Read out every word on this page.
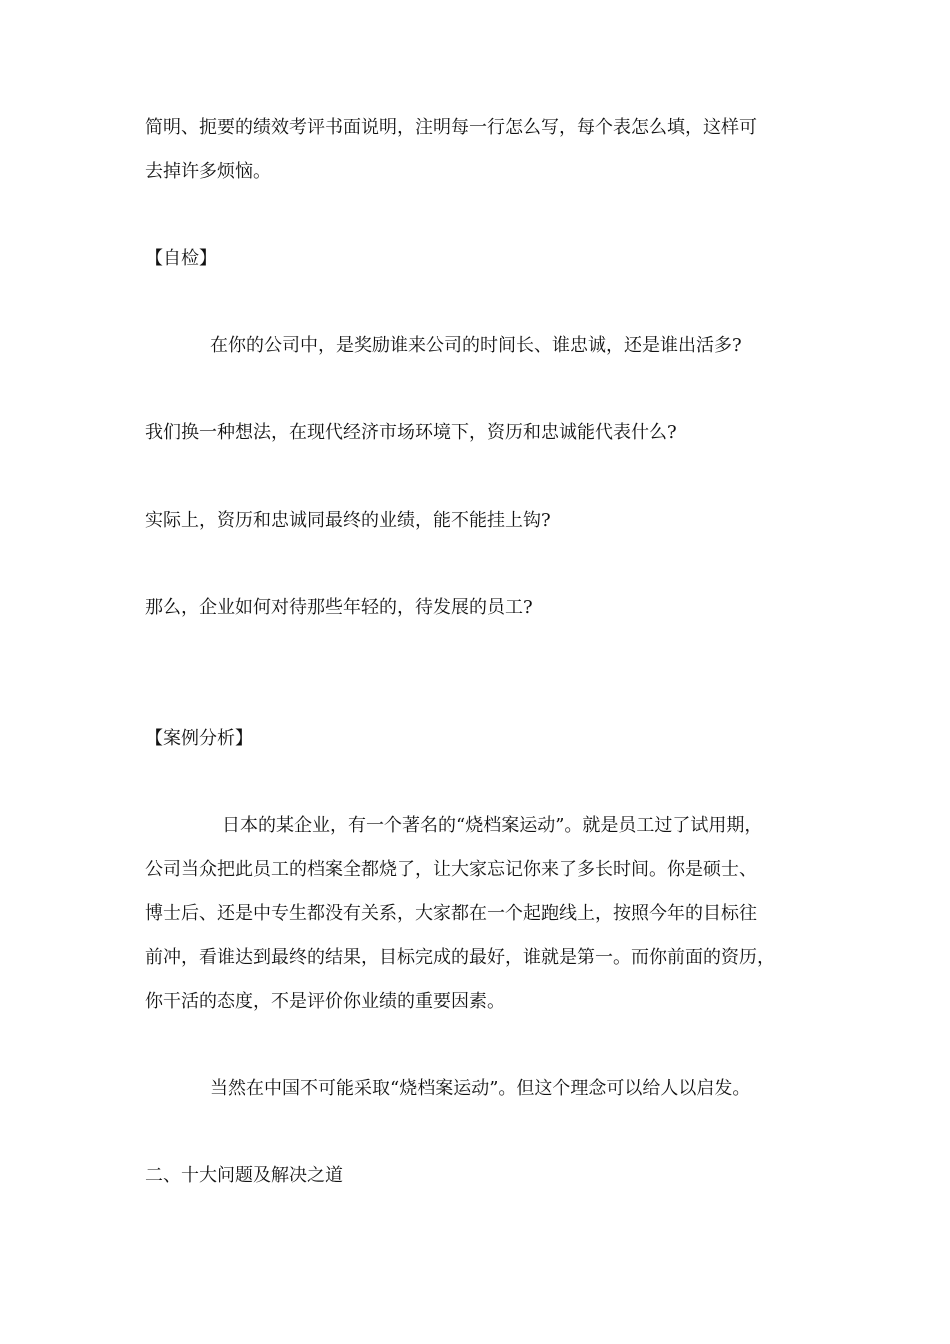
简明、扼要的绩效考评书面说明，注明每一行怎么写，每个表怎么填，这样可

去掉许多烦恼。

【自检】

在你的公司中，是奖励谁来公司的时间长、谁忠诚，还是谁出活多?

我们换一种想法，在现代经济市场环境下，资历和忠诚能代表什么?

实际上，资历和忠诚同最终的业绩，能不能挂上钩?

那么，企业如何对待那些年轻的，待发展的员工?

【案例分析】

日本的某企业，有一个著名的“烧档案运动”。就是员工过了试用期，

公司当众把此员工的档案全都烧了，让大家忘记你来了多长时间。你是硕士、

博士后、还是中专生都没有关系，大家都在一个起跑线上，按照今年的目标往

前冲，看谁达到最终的结果，目标完成的最好，谁就是第一。而你前面的资历，

你干活的态度，不是评价你业绩的重要因素。

当然在中国不可能采取“烧档案运动”。但这个理念可以给人以启发。

二、十大问题及解决之道
